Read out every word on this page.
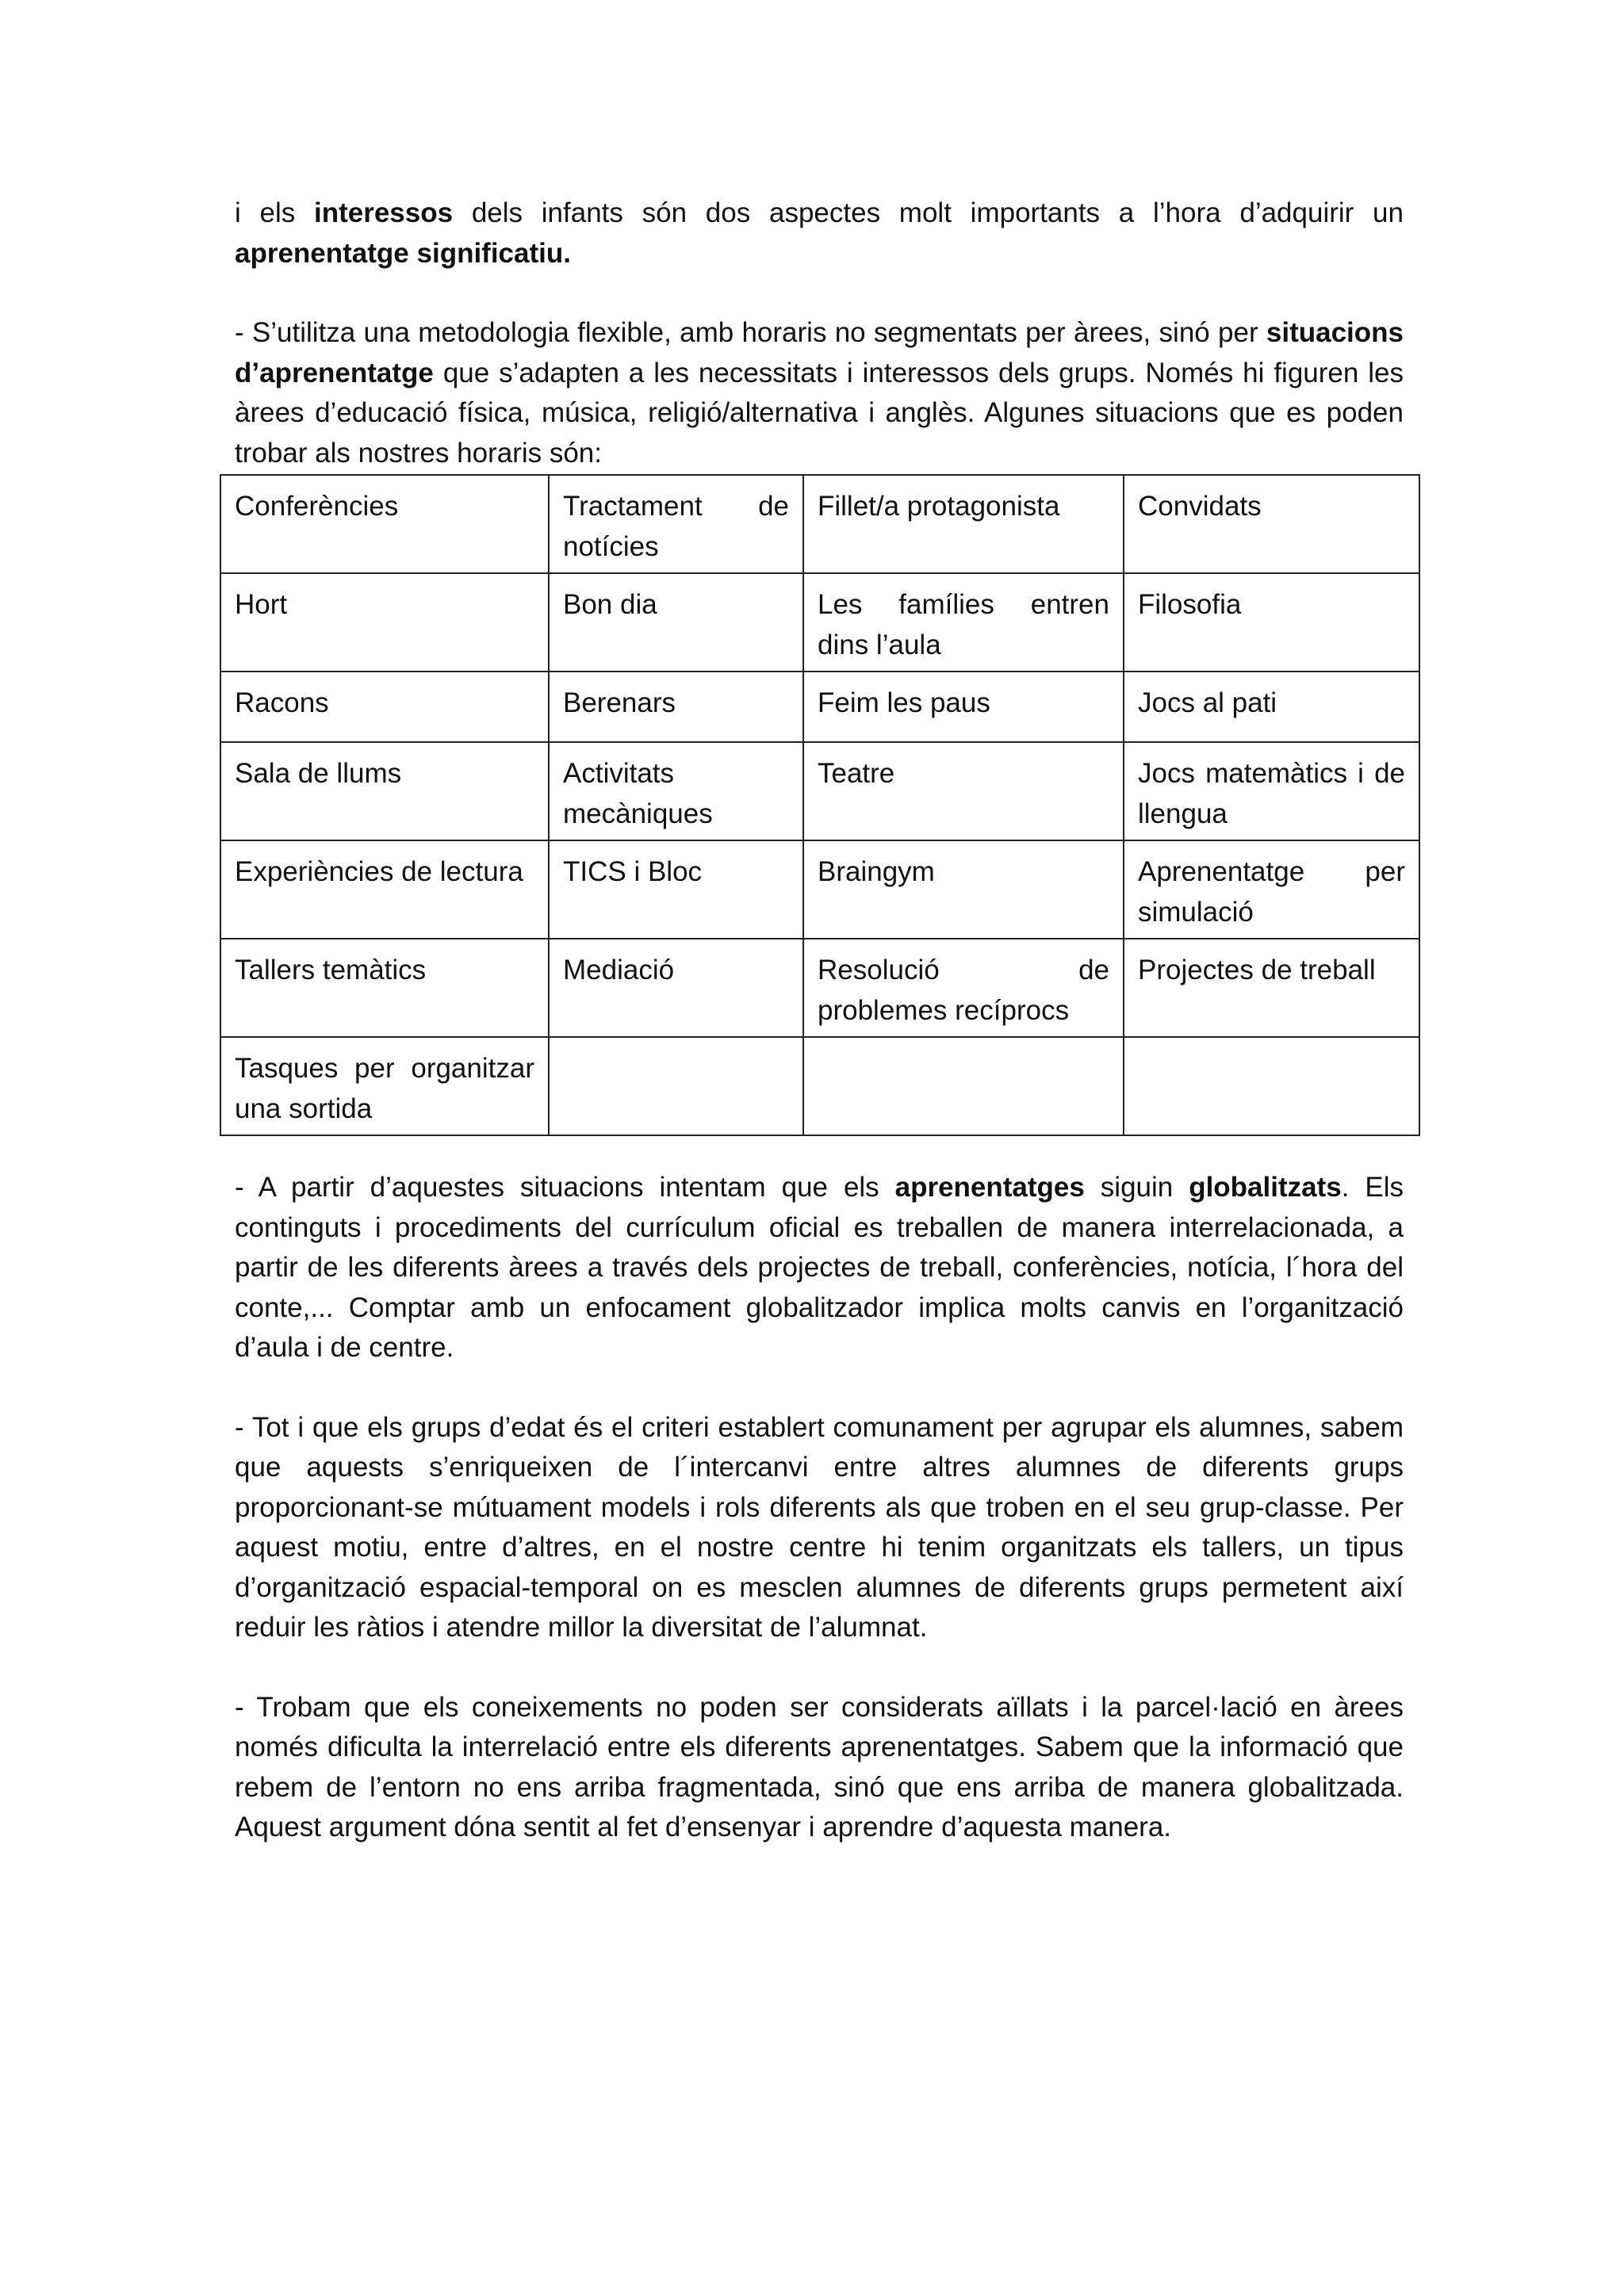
i els interessos dels infants són dos aspectes molt importants a l’hora d’adquirir un aprenentatge significatiu.

- S’utilitza una metodologia flexible, amb horaris no segmentats per àrees, sinó per situacions d’aprenentatge que s’adapten a les necessitats i interessos dels grups. Només hi figuren les àrees d’educació física, música, religió/alternativa i anglès. Algunes situacions que es poden trobar als nostres horaris són:

Conferències	Tractament de notícies	Fillet/a protagonista	Convidats
Hort	Bon dia	Les famílies entren dins l’aula	Filosofia
Racons	Berenars	Feim les paus	Jocs al pati
Sala de llums	Activitats mecàniques	Teatre	Jocs matemàtics i de llengua
Experiències de lectura	TICS i Bloc	Braingym	Aprenentatge per simulació
Tallers temàtics	Mediació	Resolució de problemes recíprocs	Projectes de treball
Tasques per organitzar una sortida			

- A partir d’aquestes situacions intentam que els aprenentatges siguin globalitzats. Els continguts i procediments del currículum oficial es treballen de manera interrelacionada, a partir de les diferents àrees a través dels projectes de treball, conferències, notícia, l´hora del conte,... Comptar amb un enfocament globalitzador implica molts canvis en l’organització d’aula i de centre.

- Tot i que els grups d’edat és el criteri establert comunament per agrupar els alumnes, sabem que aquests s’enriqueixen de l´intercanvi entre altres alumnes de diferents grups proporcionant-se mútuament models i rols diferents als que troben en el seu grup-classe. Per aquest motiu, entre d’altres, en el nostre centre hi tenim organitzats els tallers, un tipus d’organització espacial-temporal on es mesclen alumnes de diferents grups permetent així reduir les ràtios i atendre millor la diversitat de l’alumnat.

- Trobam que els coneixements no poden ser considerats aïllats i la parcel·lació en àrees només dificulta la interrelació entre els diferents aprenentatges. Sabem que la informació que rebem de l’entorn no ens arriba fragmentada, sinó que ens arriba de manera globalitzada. Aquest argument dóna sentit al fet d’ensenyar i aprendre d’aquesta manera.
